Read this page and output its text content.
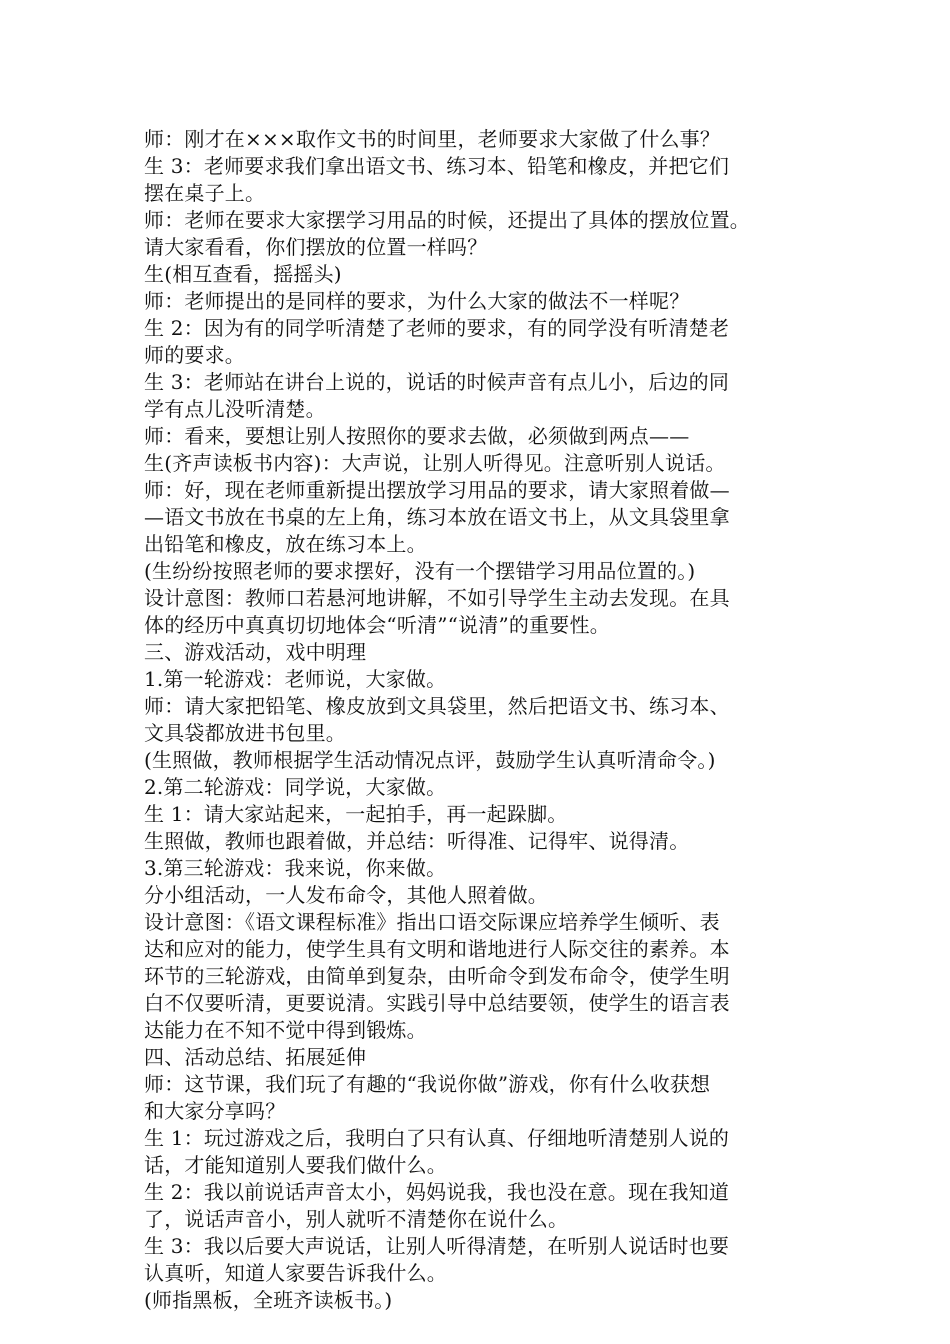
师：刚才在×××取作文书的时间里，老师要求大家做了什么事？
生 3：老师要求我们拿出语文书、练习本、铅笔和橡皮，并把它们
摆在桌子上。
师：老师在要求大家摆学习用品的时候，还提出了具体的摆放位置。
请大家看看，你们摆放的位置一样吗？
生(相互查看，摇摇头)
师：老师提出的是同样的要求，为什么大家的做法不一样呢？
生 2：因为有的同学听清楚了老师的要求，有的同学没有听清楚老
师的要求。
生 3：老师站在讲台上说的，说话的时候声音有点儿小，后边的同
学有点儿没听清楚。
师：看来，要想让别人按照你的要求去做，必须做到两点——
生(齐声读板书内容)：大声说，让别人听得见。注意听别人说话。
师：好，现在老师重新提出摆放学习用品的要求，请大家照着做—
—语文书放在书桌的左上角，练习本放在语文书上，从文具袋里拿
出铅笔和橡皮，放在练习本上。
(生纷纷按照老师的要求摆好，没有一个摆错学习用品位置的。)
设计意图：教师口若悬河地讲解，不如引导学生主动去发现。在具
体的经历中真真切切地体会“听清”“说清”的重要性。
三、游戏活动，戏中明理
1.第一轮游戏：老师说，大家做。
师：请大家把铅笔、橡皮放到文具袋里，然后把语文书、练习本、
文具袋都放进书包里。
(生照做，教师根据学生活动情况点评，鼓励学生认真听清命令。)
2.第二轮游戏：同学说，大家做。
生 1：请大家站起来，一起拍手，再一起跺脚。
生照做，教师也跟着做，并总结：听得准、记得牢、说得清。
3.第三轮游戏：我来说，你来做。
分小组活动，一人发布命令，其他人照着做。
设计意图：《语文课程标准》指出口语交际课应培养学生倾听、表
达和应对的能力，使学生具有文明和谐地进行人际交往的素养。本
环节的三轮游戏，由简单到复杂，由听命令到发布命令，使学生明
白不仅要听清，更要说清。实践引导中总结要领，使学生的语言表
达能力在不知不觉中得到锻炼。
四、活动总结、拓展延伸
师：这节课，我们玩了有趣的“我说你做”游戏，你有什么收获想
和大家分享吗？
生 1：玩过游戏之后，我明白了只有认真、仔细地听清楚别人说的
话，才能知道别人要我们做什么。
生 2：我以前说话声音太小，妈妈说我，我也没在意。现在我知道
了，说话声音小，别人就听不清楚你在说什么。
生 3：我以后要大声说话，让别人听得清楚，在听别人说话时也要
认真听，知道人家要告诉我什么。
(师指黑板，全班齐读板书。)
